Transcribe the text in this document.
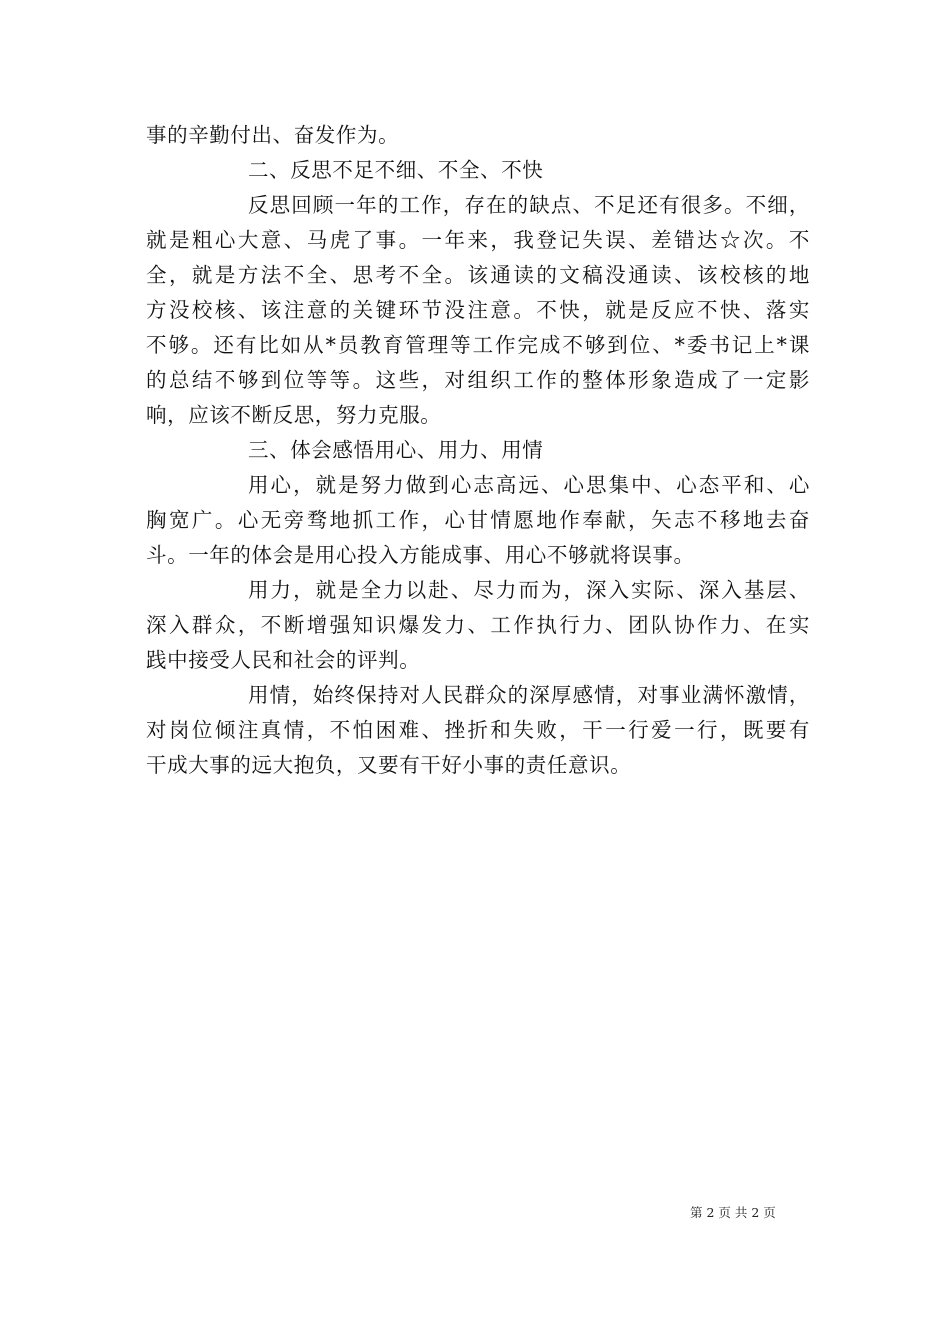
事的辛勤付出、奋发作为。
二、反思不足不细、不全、不快
反思回顾一年的工作，存在的缺点、不足还有很多。不细，
就是粗心大意、马虎了事。一年来，我登记失误、差错达☆次。不
全，就是方法不全、思考不全。该通读的文稿没通读、该校核的地
方没校核、该注意的关键环节没注意。不快，就是反应不快、落实
不够。还有比如从*员教育管理等工作完成不够到位、*委书记上*课
的总结不够到位等等。这些，对组织工作的整体形象造成了一定影
响，应该不断反思，努力克服。
三、体会感悟用心、用力、用情
用心，就是努力做到心志高远、心思集中、心态平和、心
胸宽广。心无旁骛地抓工作，心甘情愿地作奉献，矢志不移地去奋
斗。一年的体会是用心投入方能成事、用心不够就将误事。
用力，就是全力以赴、尽力而为，深入实际、深入基层、
深入群众，不断增强知识爆发力、工作执行力、团队协作力、在实
践中接受人民和社会的评判。
用情，始终保持对人民群众的深厚感情，对事业满怀激情，
对岗位倾注真情，不怕困难、挫折和失败，干一行爱一行，既要有
干成大事的远大抱负，又要有干好小事的责任意识。
第 2 页 共 2 页
